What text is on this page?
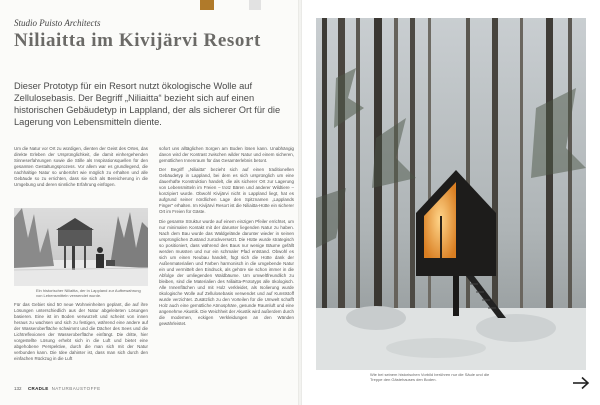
Studio Puisto Architects
Niliaitta im Kivijärvi Resort
Dieser Prototyp für ein Resort nutzt ökologische Wolle auf Zellulosebasis. Der Begriff „Niliaitta“ bezieht sich auf einen historischen Gebäudetyp in Lappland, der als sicherer Ort für die Lagerung von Lebensmitteln diente.

Um die Natur vor Ort zu würdigen, dienten der Geist des Ortes, das direkte Erleben der Ursprünglichkeit, die damit einhergehenden Sinneserfahrungen sowie die Stille als Inspirationsquellen für den gesamten Gestaltungsprozess. Vor allem war es grundlegend, die nachhaltige Natur so unberührt wie möglich zu erhalten und alle Gebäude so zu errichten, dass sie sich als Bereicherung in die Umgebung und deren sinnliche Erfahrung einfügen.

Ein historischer Niliaitta, der in Lappland zur Aufbewahrung von Lebensmitteln verwendet wurde.

Für das Gebiet sind 50 neue Wohneinheiten geplant, die auf ihre Lösungen unterschiedlich aus der Natur abgeleiteten Lösungen basieren. Eine ist im Boden verwurzelt und scheint von innen heraus zu wachsen und sich zu festigen, während eine andere auf der Wasseroberfläche schwimmt und die Dächer des Sees und die Lichtreflexionen der Wasseroberfläche einfängt. Die dritte, hier vorgestellte Lösung erhebt sich in die Luft und bietet eine abgehobene Perspektive, durch die man sich mit der Natur verbunden kann. Die Idee dahinter ist, dass man sich durch den einfachen Rückzug in die Luft

sofort uns alltäglichen Sorgen am Boden lösen kann. Unabhängig davon wird der Kontrast zwischen wilder Natur und einem sicheren, gemütlichen Innenraum für das Gesamterlebnis betont.

Der Begriff „Niliaitta“ bezieht sich auf einen traditionellen Gebäudetyp in Lappland, bei dem es sich ursprünglich um eine dauerhafte Konstruktion handelt, die als sicherer Ort zur Lagerung von Lebensmitteln im Freien – trotz Bären und anderer Wildtiere – konzipiert wurde. Obwohl Kivijärvi nicht in Lappland liegt, hat es aufgrund seiner nördlichen Lage den Spitznamen „Lapplands Finger“ erhalten. Im Kivijärvi Resort ist die Niliaitta-Hütte ein sicherer Ort im Freien für Gäste.

Die gesamte Struktur wurde auf einem einzigen Pfeiler errichtet, um nur minimalen Kontakt mit der darunter liegenden Natur zu haben. Nach dem Bau wurde das Waldgelände darunter wieder in seinen ursprünglichen Zustand zurückversetzt. Die Hütte wurde strategisch so positioniert, dass während des Baus nur wenige Bäume gefällt werden mussten und nur ein schmaler Pfad entstand. Obwohl es sich um einen Neubau handelt, fügt sich die Hütte dank der Außenmaterialien und Farben harmonisch in die umgebende Natur ein und vermittelt den Eindruck, als gehöre sie schon immer in die Abfolge der umliegenden Waldbäume. Um umweltfreundlich zu bleiben, sind die Materialien des Niliaitta-Prototyps alle ökologisch. Alle Innenflächen und mit Holz verkleidet, als Isolierung wurde ökologische Wolle auf Zellulosebasis verwendet und auf Kunststoff wurde verzichtet. Zusätzlich zu den Vorteilen für die Umwelt schafft Holz auch eine gemütliche Atmosphäre, gesunde Raumluft und eine angenehme Akustik. Die Weichheit der Akustik wird außerdem durch die modernen, eckigen Verkleidungen an den Wänden gewährleistet.

132 CRADLE NATURBAUSTOFFE
Wie bei seinem historischen Vorbild berühren nur die Säule und die Treppe den Gästehauses den Boden.
